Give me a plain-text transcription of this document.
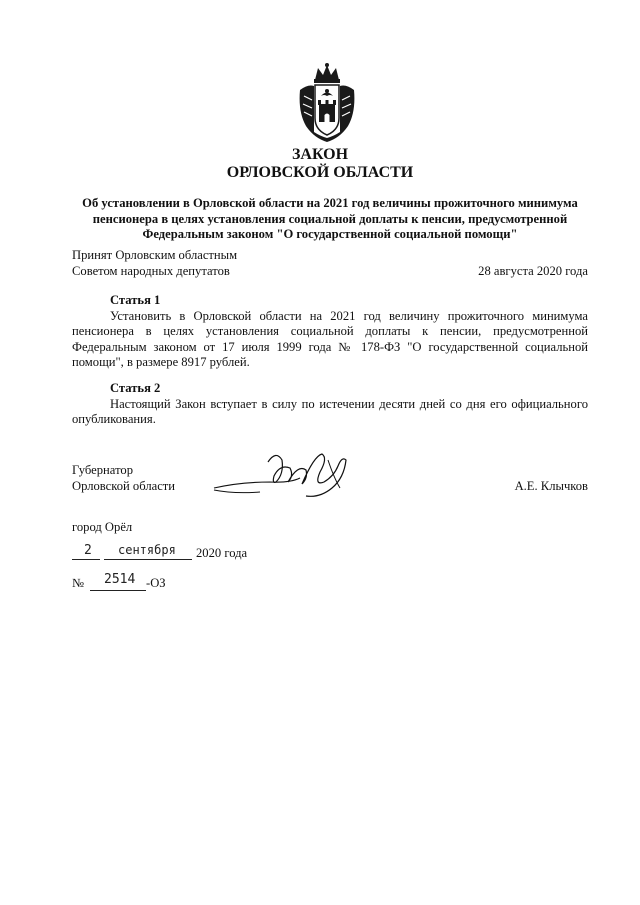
ЗАКОН
ОРЛОВСКОЙ ОБЛАСТИ
Об установлении в Орловской области на 2021 год величины прожиточного минимума
пенсионера в целях установления социальной доплаты к пенсии, предусмотренной
Федеральным законом "О государственной социальной помощи"
Принят Орловским областным
Советом народных депутатов	28 августа 2020 года
Статья 1
Установить в Орловской области на 2021 год величину прожиточного минимума пенсионера в целях установления социальной доплаты к пенсии, предусмотренной Федеральным законом от 17 июля 1999 года № 178-ФЗ "О государственной социальной помощи", в размере 8917 рублей.
Статья 2
Настоящий Закон вступает в силу по истечении десяти дней со дня его официального опубликования.
Губернатор
Орловской области	А.Е. Клычков
город Орёл
2 сентября 2020 года
№ 2514 -ОЗ
